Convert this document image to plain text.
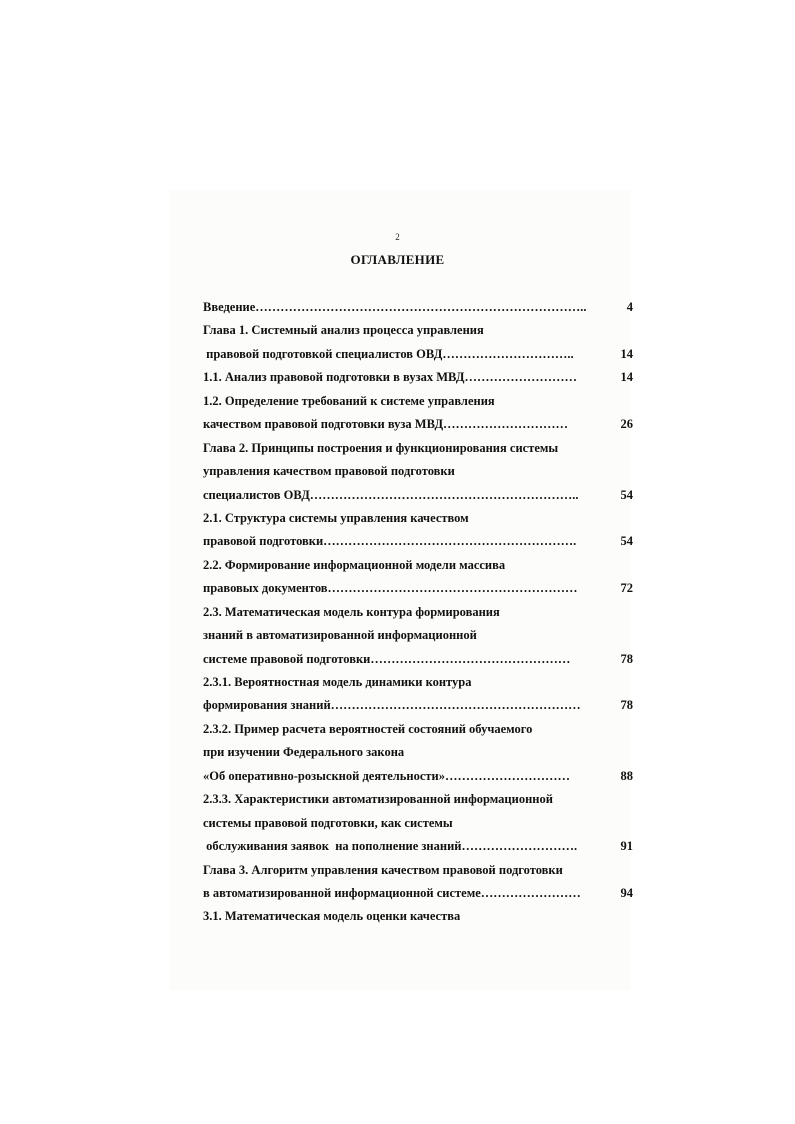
2
ОГЛАВЛЕНИЕ
Введение……………………………………………………………………..	4
Глава 1. Системный анализ процесса управления
правовой подготовкой специалистов ОВД…………………………..	14
1.1. Анализ правовой подготовки в вузах МВД………………………	14
1.2. Определение требований к системе управления
качеством правовой подготовки вуза МВД…………………………	26
Глава 2. Принципы построения и функционирования системы
управления качеством правовой подготовки
специалистов ОВД………………………………………………………..	54
2.1. Структура системы управления качеством
правовой подготовки…………………………………………………….	54
2.2. Формирование информационной модели массива
правовых документов……………………………………………………	72
2.3. Математическая модель контура формирования
знаний в автоматизированной информационной
системе правовой подготовки…………………………………………	78
2.3.1. Вероятностная модель динамики контура
формирования знаний……………………………………………………	78
2.3.2. Пример расчета вероятностей состояний обучаемого
при изучении Федерального закона
«Об оперативно-розыскной деятельности»…………………………	88
2.3.3. Характеристики автоматизированной информационной
системы правовой подготовки, как системы
обслуживания заявок  на пополнение знаний……………………….	91
Глава 3. Алгоритм управления качеством правовой подготовки
в автоматизированной информационной системе……………………	94
3.1. Математическая модель оценки качества
